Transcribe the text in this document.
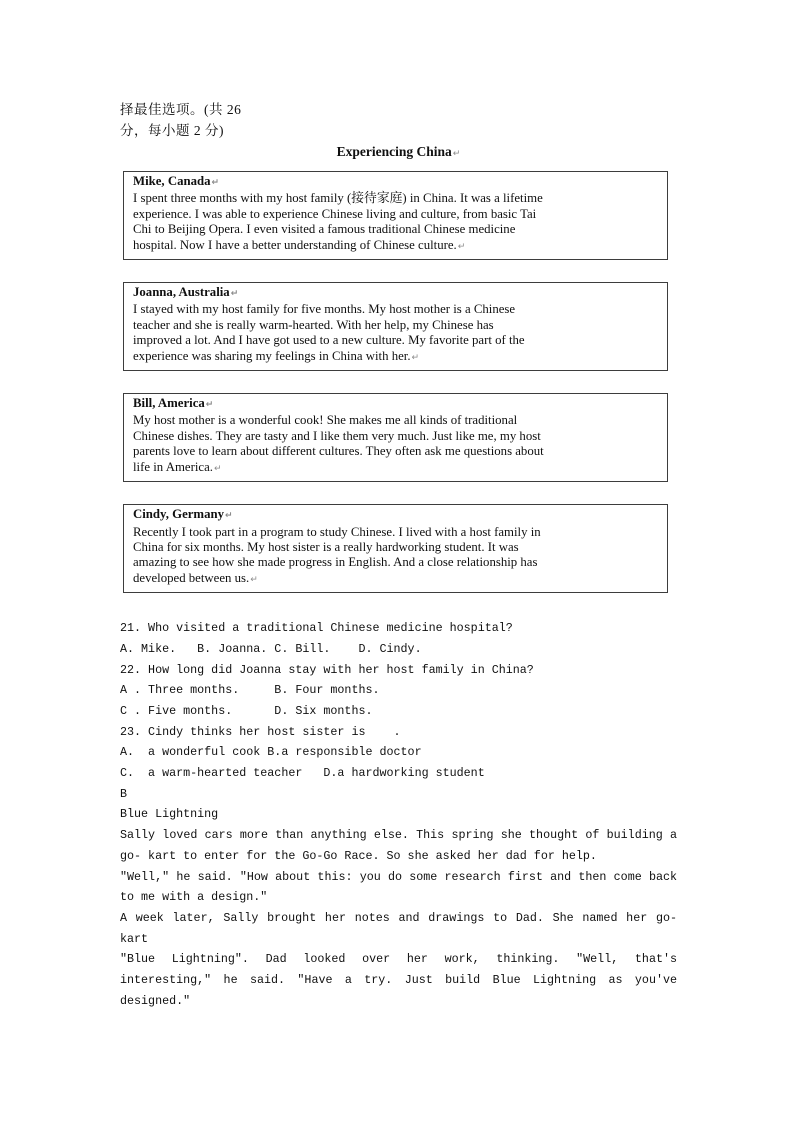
择最佳选项。(共 26
分，每小题 2 分)
Experiencing China↵
Mike, Canada↵
I spent three months with my host family (接待家庭) in China. It was a lifetime
experience. I was able to experience Chinese living and culture, from basic Tai
Chi to Beijing Opera. I even visited a famous traditional Chinese medicine
hospital. Now I have a better understanding of Chinese culture.↵
Joanna, Australia↵
I stayed with my host family for five months. My host mother is a Chinese
teacher and she is really warm-hearted. With her help, my Chinese has
improved a lot. And I have got used to a new culture. My favorite part of the
experience was sharing my feelings in China with her.↵
Bill, America↵
My host mother is a wonderful cook! She makes me all kinds of traditional
Chinese dishes. They are tasty and I like them very much. Just like me, my host
parents love to learn about different cultures. They often ask me questions about
life in America.↵
Cindy, Germany↵
Recently I took part in a program to study Chinese. I lived with a host family in
China for six months. My host sister is a really hardworking student. It was
amazing to see how she made progress in English. And a close relationship has
developed between us.↵
21. Who visited a traditional Chinese medicine hospital?
A. Mike.   B. Joanna. C. Bill.    D. Cindy.
22. How long did Joanna stay with her host family in China?
A . Three months.     B. Four months.
C . Five months.      D. Six months.
23. Cindy thinks her host sister is    .
A.  a wonderful cook B.a responsible doctor
C.  a warm-hearted teacher   D.a hardworking student
B
Blue Lightning
Sally loved cars more than anything else. This spring she thought of building a
go- kart to enter for the Go-Go Race. So she asked her dad for help.
″Well,″ he said. ″How about this: you do some research first and then come back
to me with a design.″
A week later, Sally brought her notes and drawings to Dad. She named her go-
kart
″Blue Lightning″. Dad looked over her work, thinking. ″Well, that's
interesting,″ he said. ″Have a try. Just build Blue Lightning as you've
designed.″
